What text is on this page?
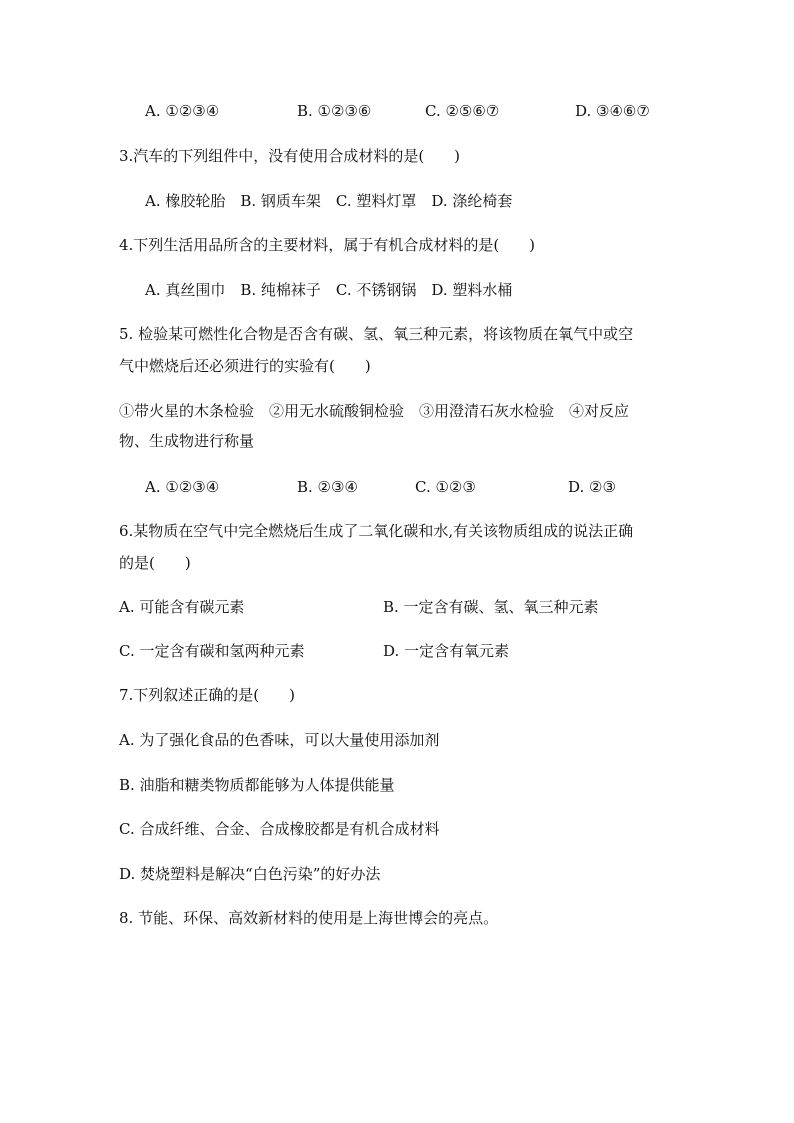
A. ①②③④	B. ①②③⑥	C. ②⑤⑥⑦	D. ③④⑥⑦
3.汽车的下列组件中，没有使用合成材料的是(　　)
A. 橡胶轮胎　B. 钢质车架　C. 塑料灯罩　D. 涤纶椅套
4.下列生活用品所含的主要材料，属于有机合成材料的是(　　)
A. 真丝围巾　B. 纯棉袜子　C. 不锈钢锅　D. 塑料水桶
5. 检验某可燃性化合物是否含有碳、氢、氧三种元素，将该物质在氧气中或空
气中燃烧后还必须进行的实验有(　　)
①带火星的木条检验　②用无水硫酸铜检验　③用澄清石灰水检验　④对反应
物、生成物进行称量
A. ①②③④	B. ②③④	C. ①②③	D. ②③
6.某物质在空气中完全燃烧后生成了二氧化碳和水,有关该物质组成的说法正确
的是(　　)
A. 可能含有碳元素	B. 一定含有碳、氢、氧三种元素
C. 一定含有碳和氢两种元素	D. 一定含有氧元素
7.下列叙述正确的是(　　)
A. 为了强化食品的色香味，可以大量使用添加剂
B. 油脂和糖类物质都能够为人体提供能量
C. 合成纤维、合金、合成橡胶都是有机合成材料
D. 焚烧塑料是解决“白色污染”的好办法
8. 节能、环保、高效新材料的使用是上海世博会的亮点。
